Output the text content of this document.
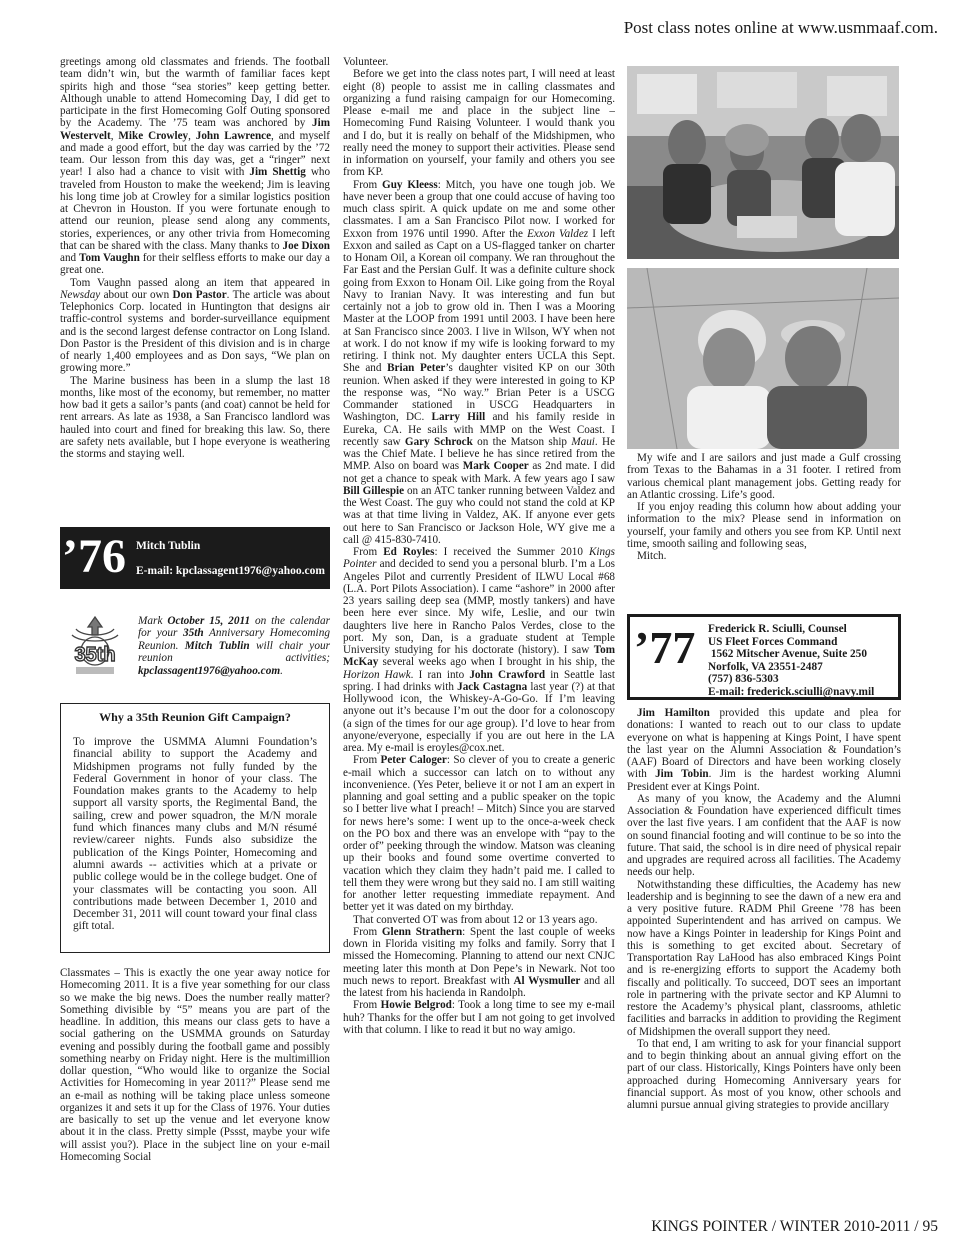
Post class notes online at www.usmmaaf.com.

greetings among old classmates and friends. The football team didn’t win, but the warmth of familiar faces kept spirits high and those “sea stories” keep getting better. Although unable to attend Homecoming Day, I did get to participate in the first Homecoming Golf Outing sponsored by the Academy. The ’75 team was anchored by Jim Westervelt, Mike Crowley, John Lawrence, and myself and made a good effort, but the day was carried by the ’72 team. Our lesson from this day was, get a “ringer” next year! I also had a chance to visit with Jim Shettig who traveled from Houston to make the weekend; Jim is leaving his long time job at Crowley for a similar logistics position at Chevron in Houston. If you were fortunate enough to attend our reunion, please send along any comments, stories, experiences, or any other trivia from Homecoming that can be shared with the class. Many thanks to Joe Dixon and Tom Vaughn for their selfless efforts to make our day a great one.

Tom Vaughn passed along an item that appeared in Newsday about our own Don Pastor. The article was about Telephonics Corp. located in Huntington that designs air traffic-control systems and border-surveillance equipment and is the second largest defense contractor on Long Island. Don Pastor is the President of this division and is in charge of nearly 1,400 employees and as Don says, “We plan on growing more.”

The Marine business has been in a slump the last 18 months, like most of the economy, but remember, no matter how bad it gets a sailor’s pants (and coat) cannot be held for rent arrears. As late as 1938, a San Francisco landlord was hauled into court and fined for breaking this law. So, there are safety nets available, but I hope everyone is weathering the storms and staying well.

’76 Mitch Tublin
E-mail: kpclassagent1976@yahoo.com
35th
Mark October 15, 2011 on the calendar for your 35th Anniversary Homecoming Reunion. Mitch Tublin will chair your reunion activities; kpclassagent1976@yahoo.com.
Why a 35th Reunion Gift Campaign?
To improve the USMMA Alumni Foundation’s financial ability to support the Academy and Midshipmen programs not fully funded by the Federal Government in honor of your class. The Foundation makes grants to the Academy to help support all varsity sports, the Regimental Band, the sailing, crew and power squadron, the M/N morale fund which finances many clubs and M/N résumé review/career nights. Funds also subsidize the publication of the Kings Pointer, Homecoming and alumni awards -- activities which at a private or public college would be in the college budget. One of your classmates will be contacting you soon. All contributions made between December 1, 2010 and December 31, 2011 will count toward your final class gift total.

Classmates – This is exactly the one year away notice for Homecoming 2011. It is a five year something for our class so we make the big news. Does the number really matter? Something divisible by “5” means you are part of the headline. In addition, this means our class gets to have a social gathering on the USMMA grounds on Saturday evening and possibly during the football game and possibly something nearby on Friday night. Here is the multimillion dollar question, “Who would like to organize the Social Activities for Homecoming in year 2011?” Please send me an e-mail as nothing will be taking place unless someone organizes it and sets it up for the Class of 1976. Your duties are basically to set up the venue and let everyone know about it in the class. Pretty simple (Pssst, maybe your wife will assist you?). Place in the subject line on your e-mail Homecoming Social

Volunteer.

Before we get into the class notes part, I will need at least eight (8) people to assist me in calling classmates and organizing a fund raising campaign for our Homecoming. Please e-mail me and place in the subject line – Homecoming Fund Raising Volunteer. I would thank you and I do, but it is really on behalf of the Midshipmen, who really need the money to support their activities. Please send in information on yourself, your family and others you see from KP.

From Guy Kleess: Mitch, you have one tough job. We have never been a group that one could accuse of having too much class spirit. A quick update on me and some other classmates. I am a San Francisco Pilot now. I worked for Exxon from 1976 until 1990. After the Exxon Valdez I left Exxon and sailed as Capt on a US-flagged tanker on charter to Honam Oil, a Korean oil company. We ran throughout the Far East and the Persian Gulf. It was a definite culture shock going from Exxon to Honam Oil. Like going from the Royal Navy to Iranian Navy. It was interesting and fun but certainly not a job to grow old in. Then I was a Mooring Master at the LOOP from 1991 until 2003. I have been here at San Francisco since 2003. I live in Wilson, WY when not at work. I do not know if my wife is looking forward to my retiring. I think not. My daughter enters UCLA this Sept. She and Brian Peter’s daughter visited KP on our 30th reunion. When asked if they were interested in going to KP the response was, “No way.” Brian Peter is a USCG Commander stationed in USCG Headquarters in Washington, DC. Larry Hill and his family reside in Eureka, CA. He sails with MMP on the West Coast. I recently saw Gary Schrock on the Matson ship Maui. He was the Chief Mate. I believe he has since retired from the MMP. Also on board was Mark Cooper as 2nd mate. I did not get a chance to speak with Mark. A few years ago I saw Bill Gillespie on an ATC tanker running between Valdez and the West Coast. The guy who could not stand the cold at KP was at that time living in Valdez, AK. If anyone ever gets out here to San Francisco or Jackson Hole, WY give me a call @ 415-830-7410.

From Ed Royles: I received the Summer 2010 Kings Pointer and decided to send you a personal blurb. I’m a Los Angeles Pilot and currently President of ILWU Local #68 (L.A. Port Pilots Association). I came “ashore” in 2000 after 23 years sailing deep sea (MMP, mostly tankers) and have been here ever since. My wife, Leslie, and our twin daughters live here in Rancho Palos Verdes, close to the port. My son, Dan, is a graduate student at Temple University studying for his doctorate (history). I saw Tom McKay several weeks ago when I brought in his ship, the Horizon Hawk. I ran into John Crawford in Seattle last spring. I had drinks with Jack Castagna last year (?) at that Hollywood icon, the Whiskey-A-Go-Go. If I’m leaving anyone out it’s because I’m out the door for a colonoscopy (a sign of the times for our age group). I’d love to hear from anyone/everyone, especially if you are out here in the LA area. My e-mail is eroyles@cox.net.

From Peter Caloger: So clever of you to create a generic e-mail which a successor can latch on to without any inconvenience. (Yes Peter, believe it or not I am an expert in planning and goal setting and a public speaker on the topic so I better live what I preach! – Mitch) Since you are starved for news here’s some: I went up to the once-a-week check on the PO box and there was an envelope with “pay to the order of” peeking through the window. Matson was cleaning up their books and found some overtime converted to vacation which they claim they hadn’t paid me. I called to tell them they were wrong but they said no. I am still waiting for another letter requesting immediate repayment. And better yet it was dated on my birthday.

That converted OT was from about 12 or 13 years ago.

From Glenn Strathern: Spent the last couple of weeks down in Florida visiting my folks and family. Sorry that I missed the Homecoming. Planning to attend our next CNJC meeting later this month at Don Pepe’s in Newark. Not too much news to report. Breakfast with Al Wysmuller and all the latest from his hacienda in Randolph.

From Howie Belgrod: Took a long time to see my e-mail huh? Thanks for the offer but I am not going to get involved with that column. I like to read it but no way amigo.

My wife and I are sailors and just made a Gulf crossing from Texas to the Bahamas in a 31 footer. I retired from various chemical plant management jobs. Getting ready for an Atlantic crossing. Life’s good.

If you enjoy reading this column how about adding your information to the mix? Please send in information on yourself, your family and others you see from KP. Until next time, smooth sailing and following seas,

Mitch.

’77 Frederick R. Sciulli, Counsel
US Fleet Forces Command
1562 Mitscher Avenue, Suite 250
Norfolk, VA 23551-2487
(757) 836-5303
E-mail: frederick.sciulli@navy.mil

Jim Hamilton provided this update and plea for donations: I wanted to reach out to our class to update everyone on what is happening at Kings Point, I have spent the last year on the Alumni Association & Foundation’s (AAF) Board of Directors and have been working closely with Jim Tobin. Jim is the hardest working Alumni President ever at Kings Point.

As many of you know, the Academy and the Alumni Association & Foundation have experienced difficult times over the last five years. I am confident that the AAF is now on sound financial footing and will continue to be so into the future. That said, the school is in dire need of physical repair and upgrades are required across all facilities. The Academy needs our help.

Notwithstanding these difficulties, the Academy has new leadership and is beginning to see the dawn of a new era and a very positive future. RADM Phil Greene ’78 has been appointed Superintendent and has arrived on campus. We now have a Kings Pointer in leadership for Kings Point and this is something to get excited about. Secretary of Transportation Ray LaHood has also embraced Kings Point and is re-energizing efforts to support the Academy both fiscally and politically. To succeed, DOT sees an important role in partnering with the private sector and KP Alumni to restore the Academy’s physical plant, classrooms, athletic facilities and barracks in addition to providing the Regiment of Midshipmen the overall support they need.

To that end, I am writing to ask for your financial support and to begin thinking about an annual giving effort on the part of our class. Historically, Kings Pointers have only been approached during Homecoming Anniversary years for financial support. As most of you know, other schools and alumni pursue annual giving strategies to provide ancillary

KINGS POINTER / WINTER 2010-2011 / 95
